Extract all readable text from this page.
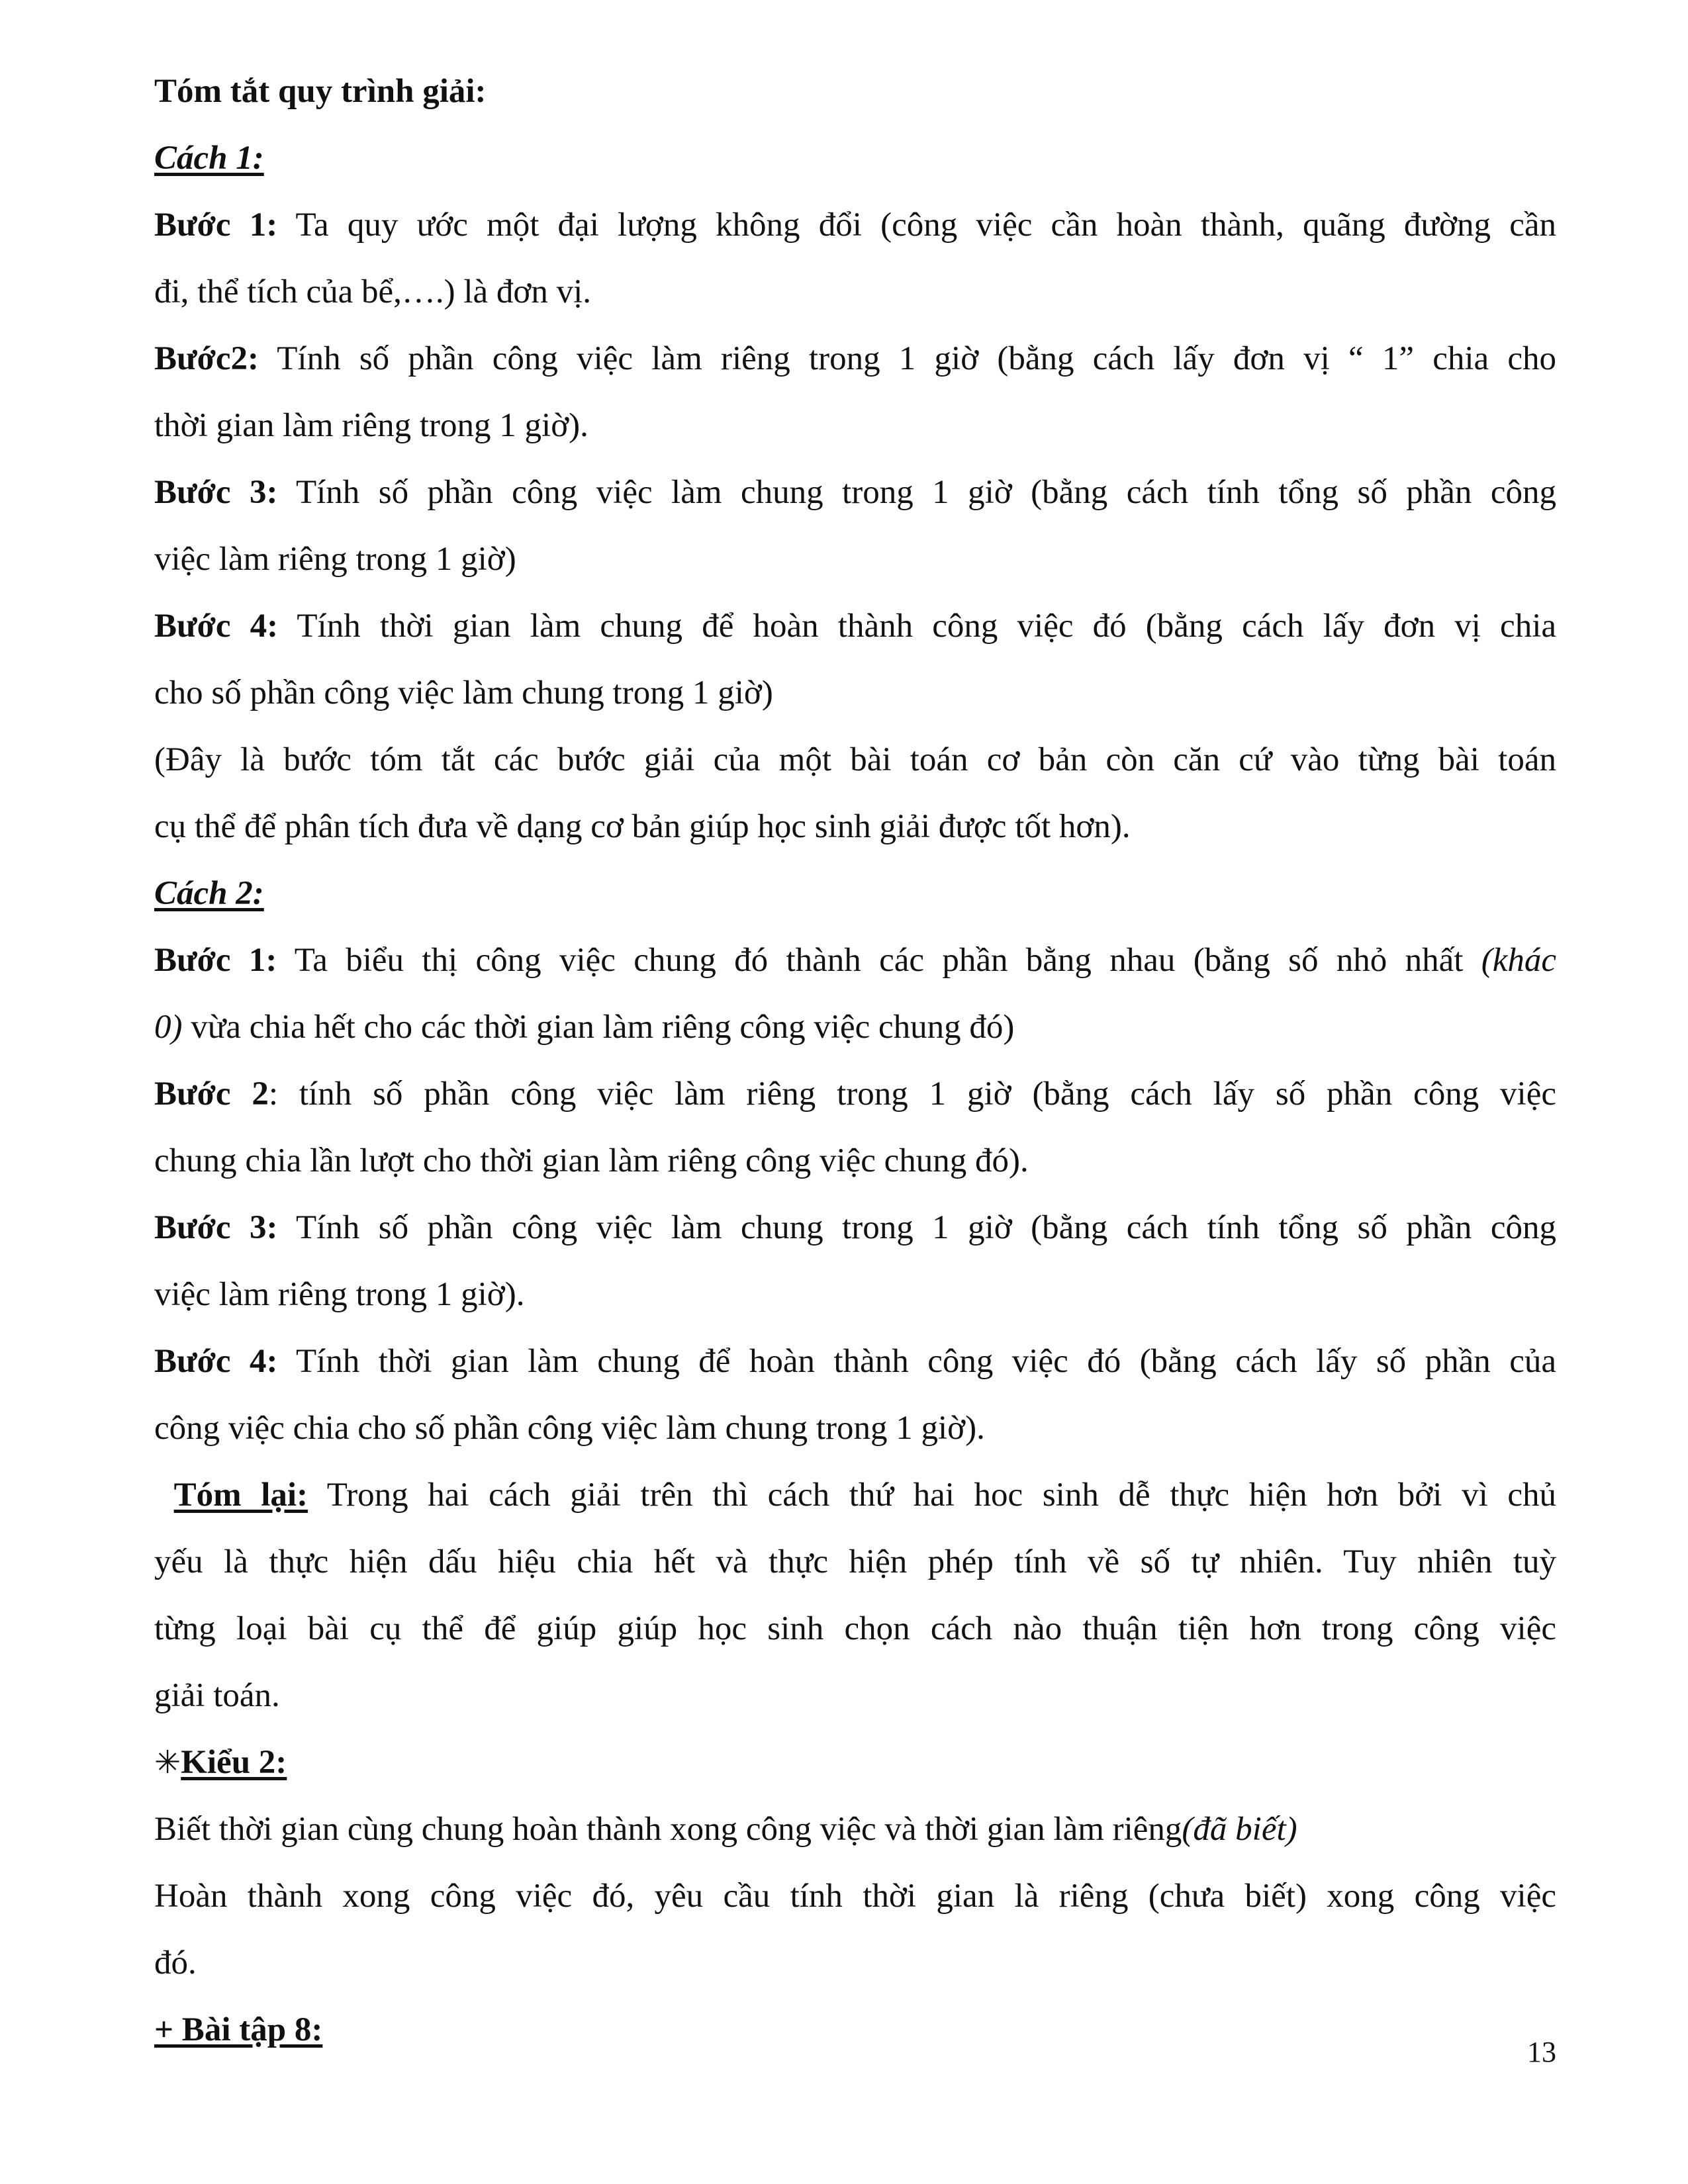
Tóm tắt quy trình giải:
Cách 1:
Bước 1: Ta quy ước một đại lượng không đổi (công việc cần hoàn thành, quãng đường cần
đi, thể tích của bể,….) là đơn vị.
Bước2: Tính số phần công việc làm riêng trong 1 giờ (bằng cách lấy đơn vị “ 1” chia cho
thời gian làm riêng trong 1 giờ).
Bước 3: Tính số phần công việc làm chung trong 1 giờ (bằng cách tính tổng số phần công
việc làm riêng trong 1 giờ)
Bước 4: Tính thời gian làm chung để hoàn thành công việc đó (bằng cách lấy đơn vị chia
cho số phần công việc làm chung trong 1 giờ)
(Đây là bước tóm tắt các bước giải của một bài toán cơ bản còn căn cứ vào từng bài toán
cụ thể để phân tích đưa về dạng cơ bản giúp học sinh giải được tốt hơn).
Cách 2:
Bước 1: Ta biểu thị công việc chung đó thành các phần bằng nhau (bằng số nhỏ nhất (khác
0) vừa chia hết cho các thời gian làm riêng công việc chung đó)
Bước 2: tính số phần công việc làm riêng trong 1 giờ (bằng cách lấy số phần công việc
chung chia lần lượt cho thời gian làm riêng công việc chung đó).
Bước 3: Tính số phần công việc làm chung trong 1 giờ (bằng cách tính tổng số phần công
việc làm riêng trong 1 giờ).
Bước 4: Tính thời gian làm chung để hoàn thành công việc đó (bằng cách lấy số phần của
công việc chia cho số phần công việc làm chung trong 1 giờ).
Tóm lại: Trong hai cách giải trên thì cách thứ hai hoc sinh dễ thực hiện hơn bởi vì chủ
yếu là thực hiện dấu hiệu chia hết và thực hiện phép tính về số tự nhiên. Tuy nhiên tuỳ
từng loại bài cụ thể để giúp giúp học sinh chọn cách nào thuận tiện hơn trong công việc
giải toán.
✳Kiểu 2:
Biết thời gian cùng chung hoàn thành xong công việc và thời gian làm riêng(đã biết)
Hoàn thành xong công việc đó, yêu cầu tính thời gian là riêng (chưa biết) xong công việc
đó.
+ Bài tập 8:
13
